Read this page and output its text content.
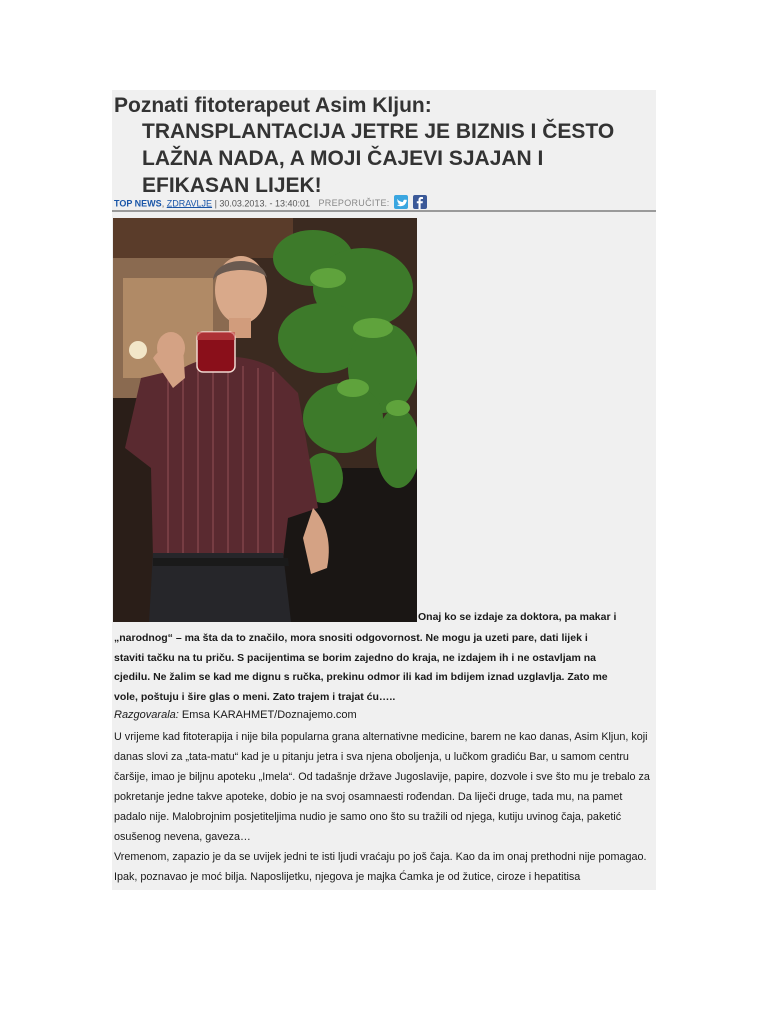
Poznati fitoterapeut Asim Kljun:
TRANSPLANTACIJA JETRE JE BIZNIS I ČESTO LAŽNA NADA, A MOJI ČAJEVI SJAJAN I EFIKASAN LIJEK!
TOP NEWS, ZDRAVLJE | 30.03.2013. - 13:40:01 PREPORUČITE:

Onaj ko se izdaje za doktora, pa makar i
„narodnog“ – ma šta da to značilo, mora snositi odgovornost. Ne mogu ja uzeti pare, dati lijek i
staviti tačku na tu priču. S pacijentima se borim zajedno do kraja, ne izdajem ih i ne ostavljam na
cjedilu. Ne žalim se kad me dignu s ručka, prekinu odmor ili kad im bdijem iznad uzglavlja. Zato me
vole, poštuju i šire glas o meni. Zato trajem i trajat ću…..
Razgovarala: Emsa KARAHMET/Doznajemo.com

U vrijeme kad fitoterapija i nije bila popularna grana alternativne medicine, barem ne kao danas, Asim Kljun, koji danas slovi za „tata-matu“ kad je u pitanju jetra i sva njena oboljenja, u lučkom gradiću Bar, u samom centru čaršije, imao je biljnu apoteku „Imela“. Od tadašnje države Jugoslavije, papire, dozvole i sve što mu je trebalo za pokretanje jedne takve apoteke, dobio je na svoj osamnaesti rođendan. Da liječi druge, tada mu, na pamet padalo nije. Malobrojnim posjetiteljima nudio je samo ono što su tražili od njega, kutiju uvinog čaja, paketić osušenog nevena, gaveza…

Vremenom, zapazio je da se uvijek jedni te isti ljudi vraćaju po još čaja. Kao da im onaj prethodni nije pomagao. Ipak, poznavao je moć bilja. Naposlijetku, njegova je majka Ćamka je od žutice, ciroze i hepatitisa
